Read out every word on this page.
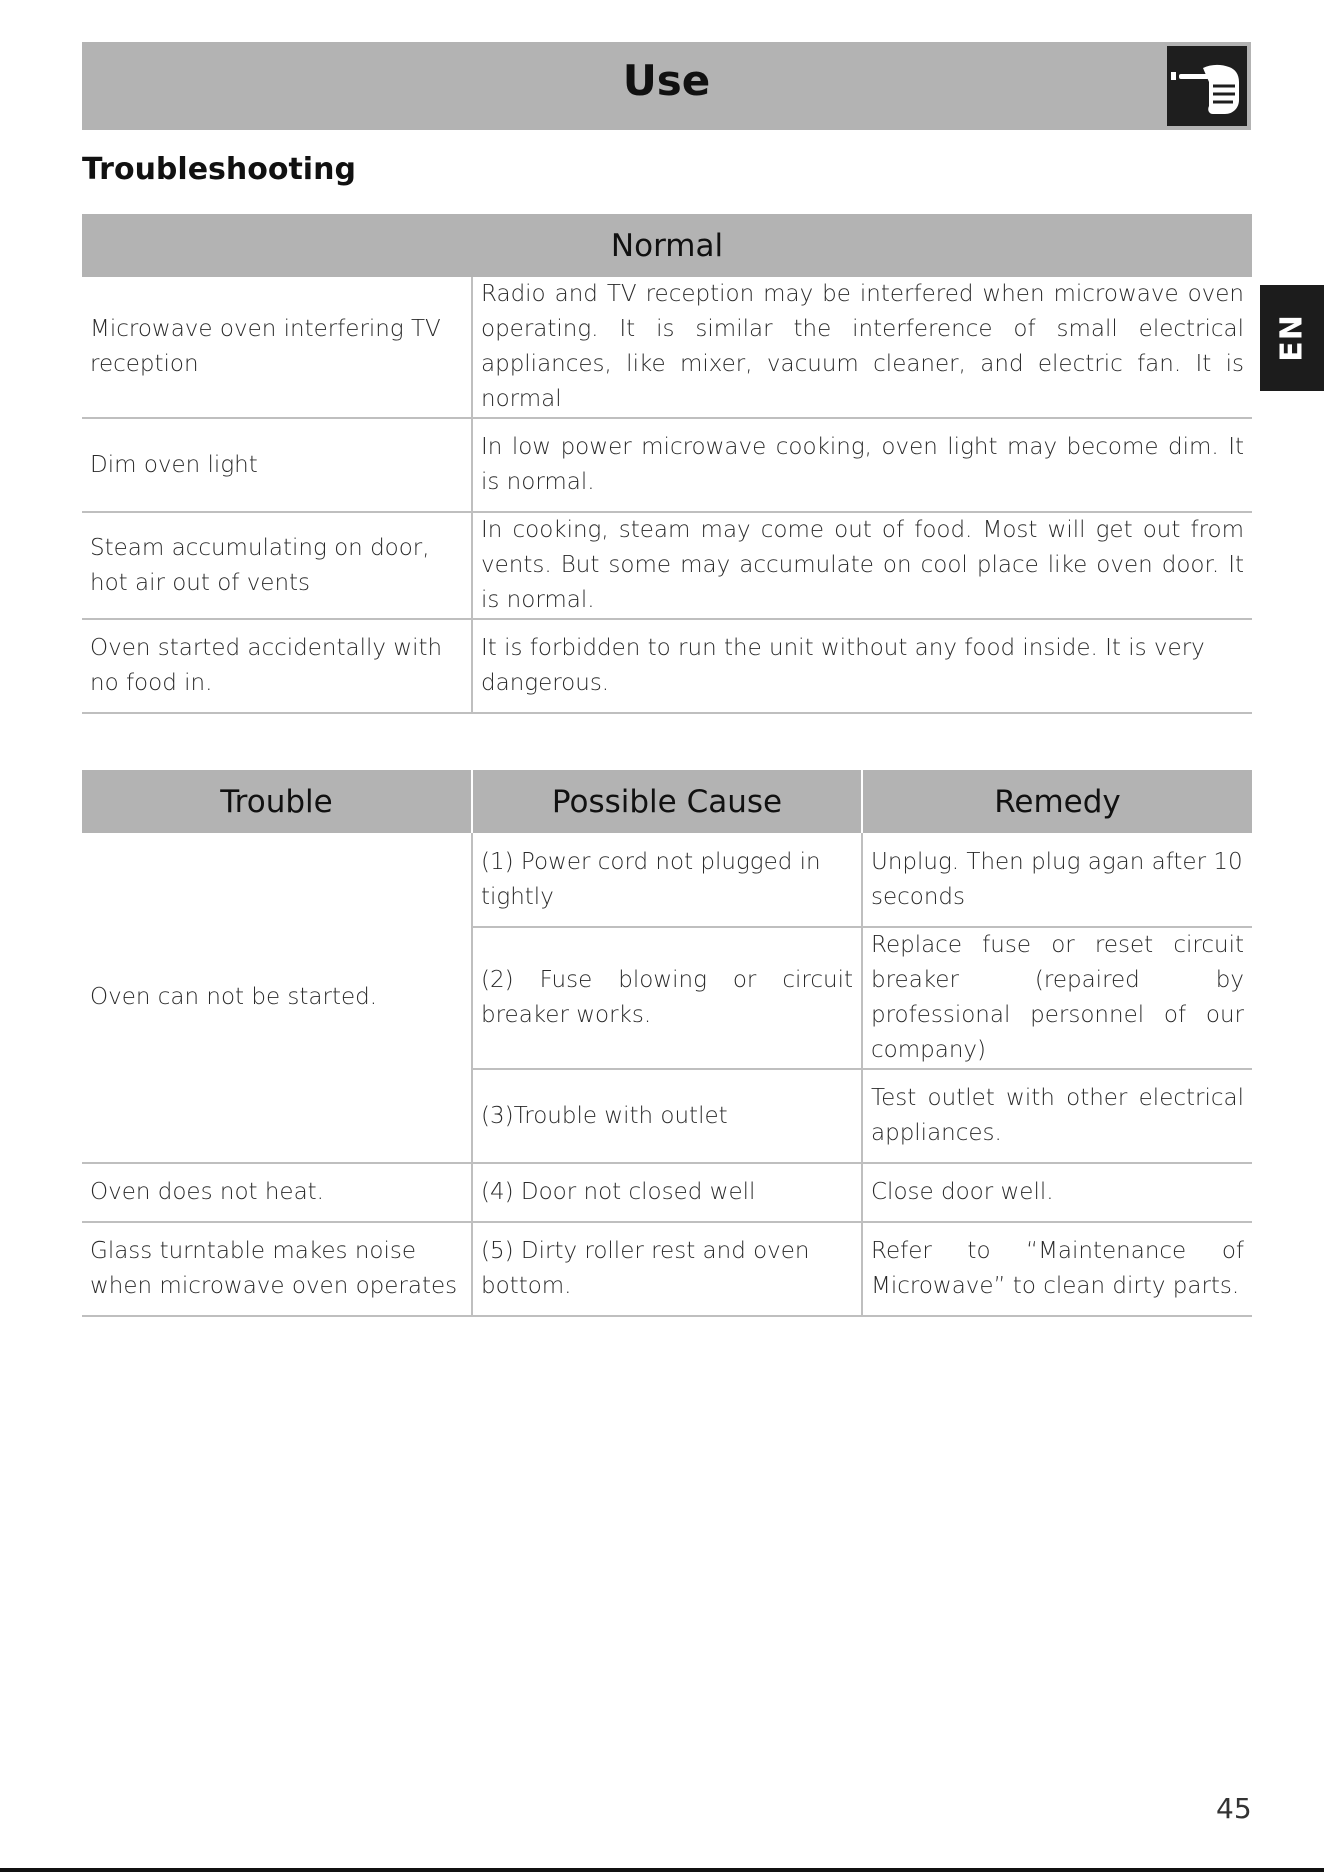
Use
Troubleshooting
EN
Normal	
Microwave oven interfering TV reception	Radio and TV reception may be interfered when microwave oven operating. It is similar the interference of small electrical appliances, like mixer, vacuum cleaner, and electric fan. It is normal
Dim oven light	In low power microwave cooking, oven light may become dim. It is normal.
Steam accumulating on door, hot air out of vents	In cooking, steam may come out of food. Most will get out from vents. But some may accumulate on cool place like oven door. It is normal.
Oven started accidentally with no food in.	It is forbidden to run the unit without any food inside. It is very dangerous.
Trouble	Possible Cause	Remedy
Oven can not be started.	(1) Power cord not plugged in tightly	Unplug. Then plug agan after 10 seconds
	(2) Fuse blowing or circuit breaker works.	Replace fuse or reset circuit breaker (repaired by professional personnel of our company)
	(3)Trouble with outlet	Test outlet with other electrical appliances.
Oven does not heat.	(4) Door not closed well	Close door well.
Glass turntable makes noise when microwave oven operates	(5) Dirty roller rest and oven bottom.	Refer to “Maintenance of Microwave” to clean dirty parts.
45
